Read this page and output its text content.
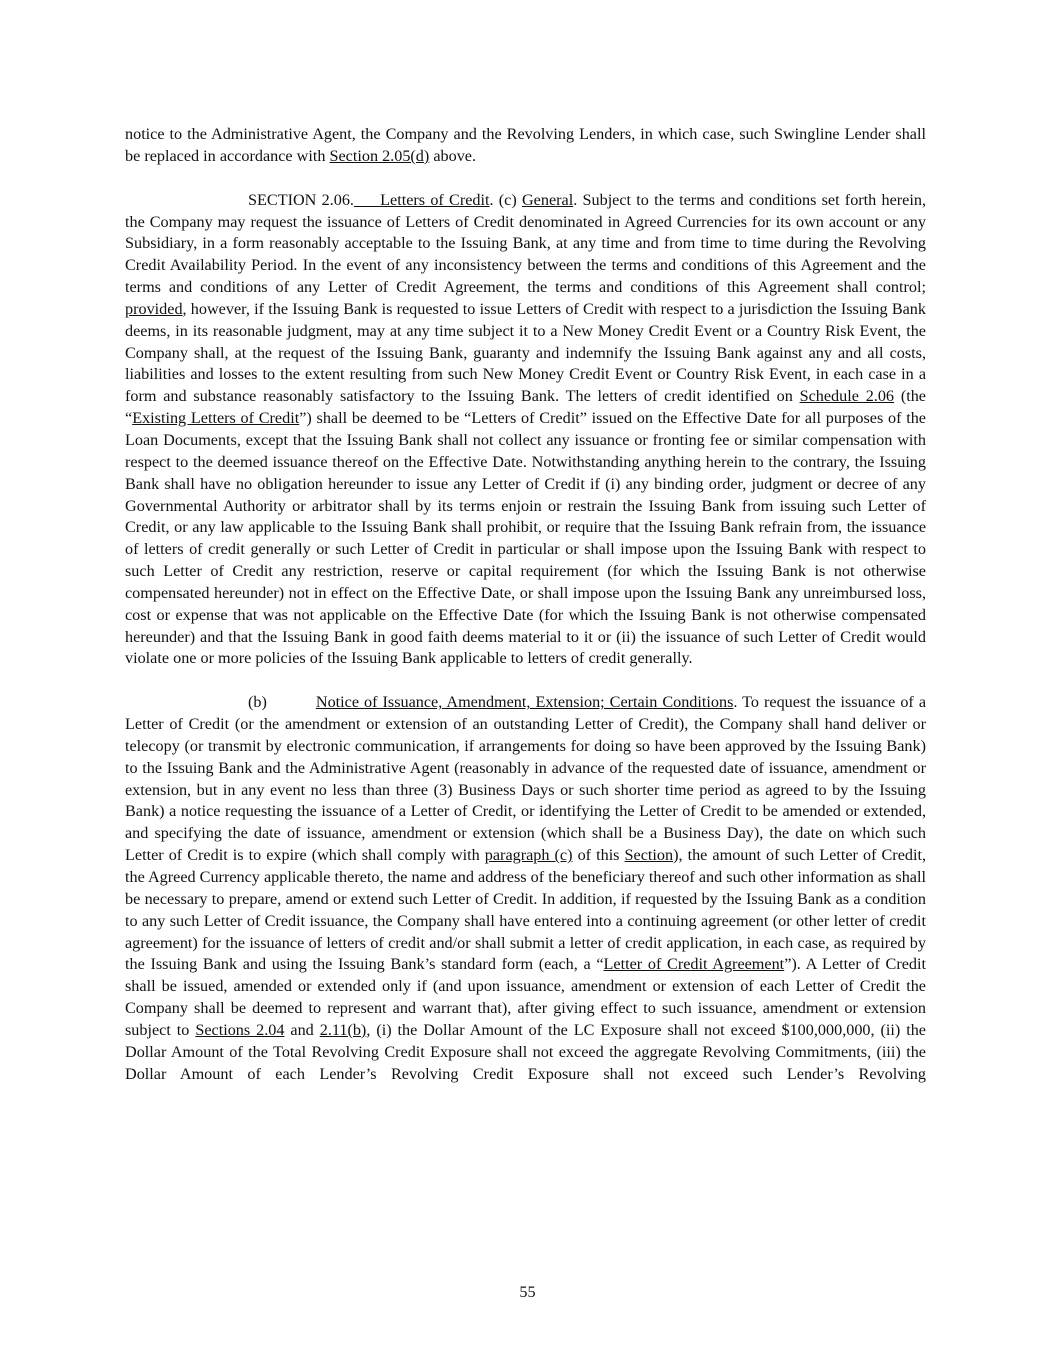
notice to the Administrative Agent, the Company and the Revolving Lenders, in which case, such Swingline Lender shall be replaced in accordance with Section 2.05(d) above.

SECTION 2.06. Letters of Credit. (c) General. Subject to the terms and conditions set forth herein, the Company may request the issuance of Letters of Credit denominated in Agreed Currencies for its own account or any Subsidiary, in a form reasonably acceptable to the Issuing Bank, at any time and from time to time during the Revolving Credit Availability Period. In the event of any inconsistency between the terms and conditions of this Agreement and the terms and conditions of any Letter of Credit Agreement, the terms and conditions of this Agreement shall control; provided, however, if the Issuing Bank is requested to issue Letters of Credit with respect to a jurisdiction the Issuing Bank deems, in its reasonable judgment, may at any time subject it to a New Money Credit Event or a Country Risk Event, the Company shall, at the request of the Issuing Bank, guaranty and indemnify the Issuing Bank against any and all costs, liabilities and losses to the extent resulting from such New Money Credit Event or Country Risk Event, in each case in a form and substance reasonably satisfactory to the Issuing Bank. The letters of credit identified on Schedule 2.06 (the “Existing Letters of Credit”) shall be deemed to be “Letters of Credit” issued on the Effective Date for all purposes of the Loan Documents, except that the Issuing Bank shall not collect any issuance or fronting fee or similar compensation with respect to the deemed issuance thereof on the Effective Date. Notwithstanding anything herein to the contrary, the Issuing Bank shall have no obligation hereunder to issue any Letter of Credit if (i) any binding order, judgment or decree of any Governmental Authority or arbitrator shall by its terms enjoin or restrain the Issuing Bank from issuing such Letter of Credit, or any law applicable to the Issuing Bank shall prohibit, or require that the Issuing Bank refrain from, the issuance of letters of credit generally or such Letter of Credit in particular or shall impose upon the Issuing Bank with respect to such Letter of Credit any restriction, reserve or capital requirement (for which the Issuing Bank is not otherwise compensated hereunder) not in effect on the Effective Date, or shall impose upon the Issuing Bank any unreimbursed loss, cost or expense that was not applicable on the Effective Date (for which the Issuing Bank is not otherwise compensated hereunder) and that the Issuing Bank in good faith deems material to it or (ii) the issuance of such Letter of Credit would violate one or more policies of the Issuing Bank applicable to letters of credit generally.

(b)	Notice of Issuance, Amendment, Extension; Certain Conditions. To request the issuance of a Letter of Credit (or the amendment or extension of an outstanding Letter of Credit), the Company shall hand deliver or telecopy (or transmit by electronic communication, if arrangements for doing so have been approved by the Issuing Bank) to the Issuing Bank and the Administrative Agent (reasonably in advance of the requested date of issuance, amendment or extension, but in any event no less than three (3) Business Days or such shorter time period as agreed to by the Issuing Bank) a notice requesting the issuance of a Letter of Credit, or identifying the Letter of Credit to be amended or extended, and specifying the date of issuance, amendment or extension (which shall be a Business Day), the date on which such Letter of Credit is to expire (which shall comply with paragraph (c) of this Section), the amount of such Letter of Credit, the Agreed Currency applicable thereto, the name and address of the beneficiary thereof and such other information as shall be necessary to prepare, amend or extend such Letter of Credit. In addition, if requested by the Issuing Bank as a condition to any such Letter of Credit issuance, the Company shall have entered into a continuing agreement (or other letter of credit agreement) for the issuance of letters of credit and/or shall submit a letter of credit application, in each case, as required by the Issuing Bank and using the Issuing Bank’s standard form (each, a “Letter of Credit Agreement”). A Letter of Credit shall be issued, amended or extended only if (and upon issuance, amendment or extension of each Letter of Credit the Company shall be deemed to represent and warrant that), after giving effect to such issuance, amendment or extension subject to Sections 2.04 and 2.11(b), (i) the Dollar Amount of the LC Exposure shall not exceed $100,000,000, (ii) the Dollar Amount of the Total Revolving Credit Exposure shall not exceed the aggregate Revolving Commitments, (iii) the Dollar Amount of each Lender’s Revolving Credit Exposure shall not exceed such Lender’s Revolving

55
